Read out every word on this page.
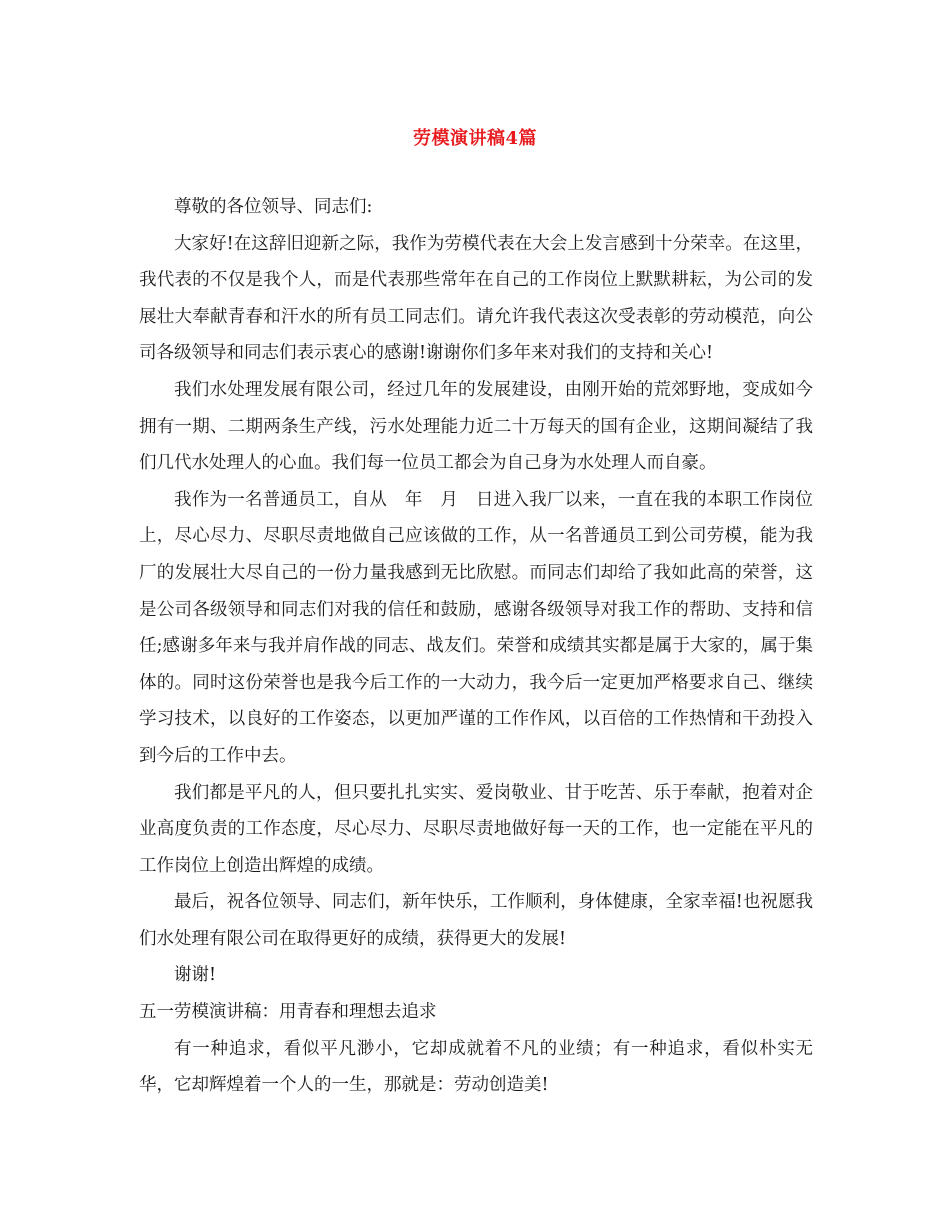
劳模演讲稿4篇

尊敬的各位领导、同志们:

大家好!在这辞旧迎新之际，我作为劳模代表在大会上发言感到十分荣幸。在这里，我代表的不仅是我个人，而是代表那些常年在自己的工作岗位上默默耕耘，为公司的发展壮大奉献青春和汗水的所有员工同志们。请允许我代表这次受表彰的劳动模范，向公司各级领导和同志们表示衷心的感谢!谢谢你们多年来对我们的支持和关心!

我们水处理发展有限公司，经过几年的发展建设，由刚开始的荒郊野地，变成如今拥有一期、二期两条生产线，污水处理能力近二十万每天的国有企业，这期间凝结了我们几代水处理人的心血。我们每一位员工都会为自己身为水处理人而自豪。

我作为一名普通员工，自从　年　月　日进入我厂以来，一直在我的本职工作岗位上，尽心尽力、尽职尽责地做自己应该做的工作，从一名普通员工到公司劳模，能为我厂的发展壮大尽自己的一份力量我感到无比欣慰。而同志们却给了我如此高的荣誉，这是公司各级领导和同志们对我的信任和鼓励，感谢各级领导对我工作的帮助、支持和信任;感谢多年来与我并肩作战的同志、战友们。荣誉和成绩其实都是属于大家的，属于集体的。同时这份荣誉也是我今后工作的一大动力，我今后一定更加严格要求自己、继续学习技术，以良好的工作姿态，以更加严谨的工作作风，以百倍的工作热情和干劲投入到今后的工作中去。

我们都是平凡的人，但只要扎扎实实、爱岗敬业、甘于吃苦、乐于奉献，抱着对企业高度负责的工作态度，尽心尽力、尽职尽责地做好每一天的工作，也一定能在平凡的工作岗位上创造出辉煌的成绩。

最后，祝各位领导、同志们，新年快乐，工作顺利，身体健康，全家幸福!也祝愿我们水处理有限公司在取得更好的成绩，获得更大的发展!

谢谢!

五一劳模演讲稿：用青春和理想去追求

有一种追求，看似平凡渺小，它却成就着不凡的业绩；有一种追求，看似朴实无华，它却辉煌着一个人的一生，那就是：劳动创造美!
